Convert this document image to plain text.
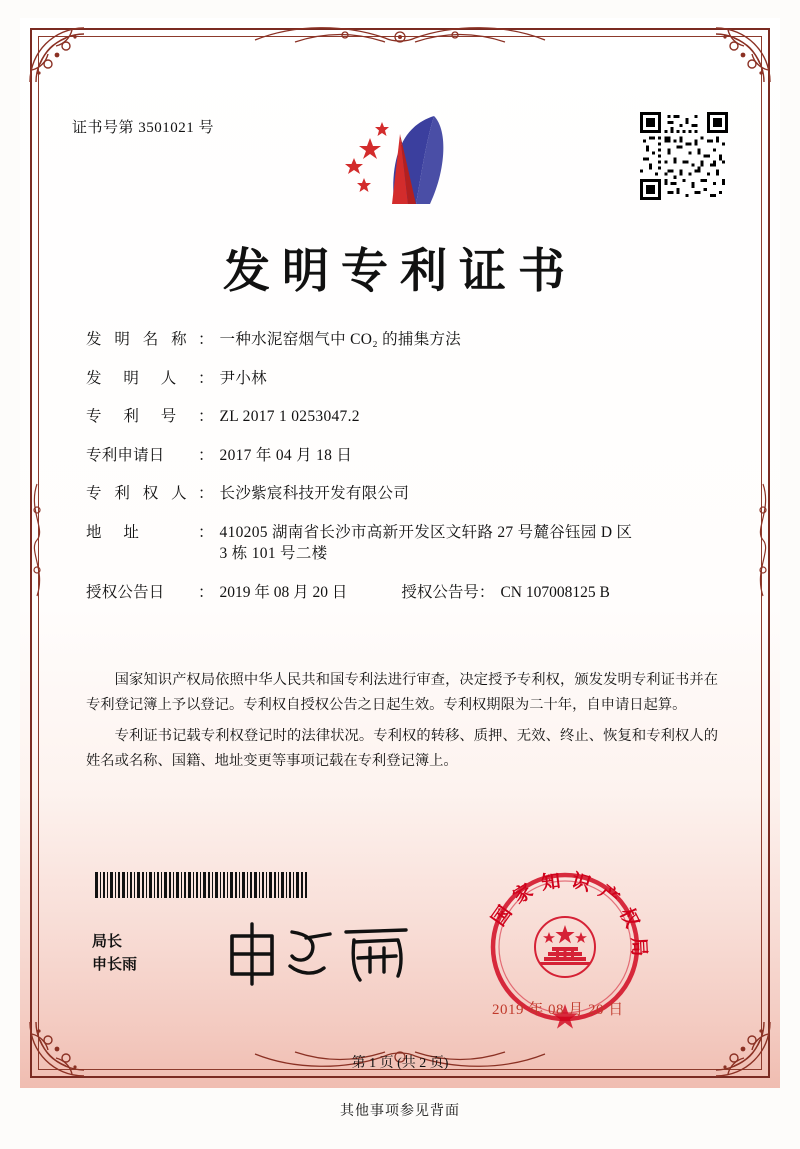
证书号第 3501021 号
发明专利证书
发 明 名 称 ： 一种水泥窑烟气中 CO₂ 的捕集方法
发 明 人 ： 尹小林
专 利 号 ： ZL 2017 1 0253047.2
专利申请日	： 2017 年 04 月 18 日
专 利 权 人 ： 长沙紫宸科技开发有限公司
地 址	： 410205 湖南省长沙市高新开发区文轩路 27 号麓谷钰园 D 区
3 栋 101 号二楼
授权公告日	： 2019 年 08 月 20 日	授权公告号 ： CN 107008125 B

国家知识产权局依照中华人民共和国专利法进行审查，决定授予专利权，颁发发明专利证书并在专利登记簿上予以登记。专利权自授权公告之日起生效。专利权期限为二十年，自申请日起算。

专利证书记载专利权登记时的法律状况。专利权的转移、质押、无效、终止、恢复和专利权人的姓名或名称、国籍、地址变更等事项记载在专利登记簿上。

局长
申长雨
国家知识产权局
2019 年 08 月 20 日
第 1 页 (共 2 页)
其他事项参见背面
